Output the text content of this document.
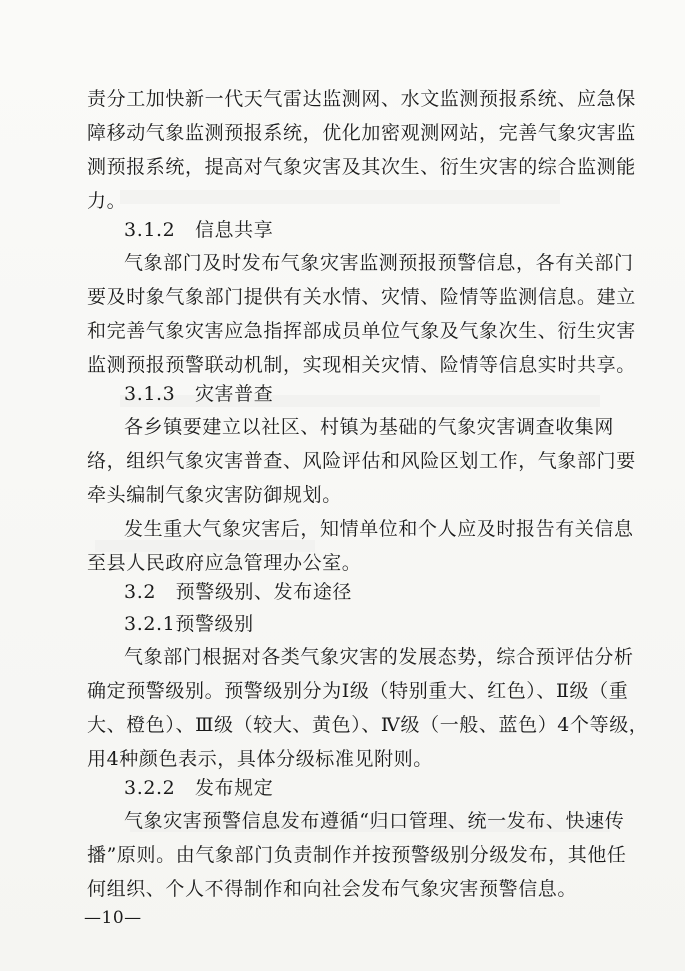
责分工加快新一代天气雷达监测网、水文监测预报系统、应急保
障移动气象监测预报系统，优化加密观测网站，完善气象灾害监
测预报系统，提高对气象灾害及其次生、衍生灾害的综合监测能
力。
3.1.2　信息共享
气象部门及时发布气象灾害监测预报预警信息，各有关部门
要及时象气象部门提供有关水情、灾情、险情等监测信息。建立
和完善气象灾害应急指挥部成员单位气象及气象次生、衍生灾害
监测预报预警联动机制，实现相关灾情、险情等信息实时共享。
3.1.3　灾害普查
各乡镇要建立以社区、村镇为基础的气象灾害调查收集网
络，组织气象灾害普查、风险评估和风险区划工作，气象部门要
牵头编制气象灾害防御规划。
发生重大气象灾害后，知情单位和个人应及时报告有关信息
至县人民政府应急管理办公室。
3.2　预警级别、发布途径
3.2.1预警级别
气象部门根据对各类气象灾害的发展态势，综合预评估分析
确定预警级别。预警级别分为Ⅰ级（特别重大、红色）、Ⅱ级（重
大、橙色）、Ⅲ级（较大、黄色）、Ⅳ级（一般、蓝色）4个等级，
用4种颜色表示，具体分级标准见附则。
3.2.2　发布规定
气象灾害预警信息发布遵循“归口管理、统一发布、快速传
播”原则。由气象部门负责制作并按预警级别分级发布，其他任
何组织、个人不得制作和向社会发布气象灾害预警信息。
—10—
